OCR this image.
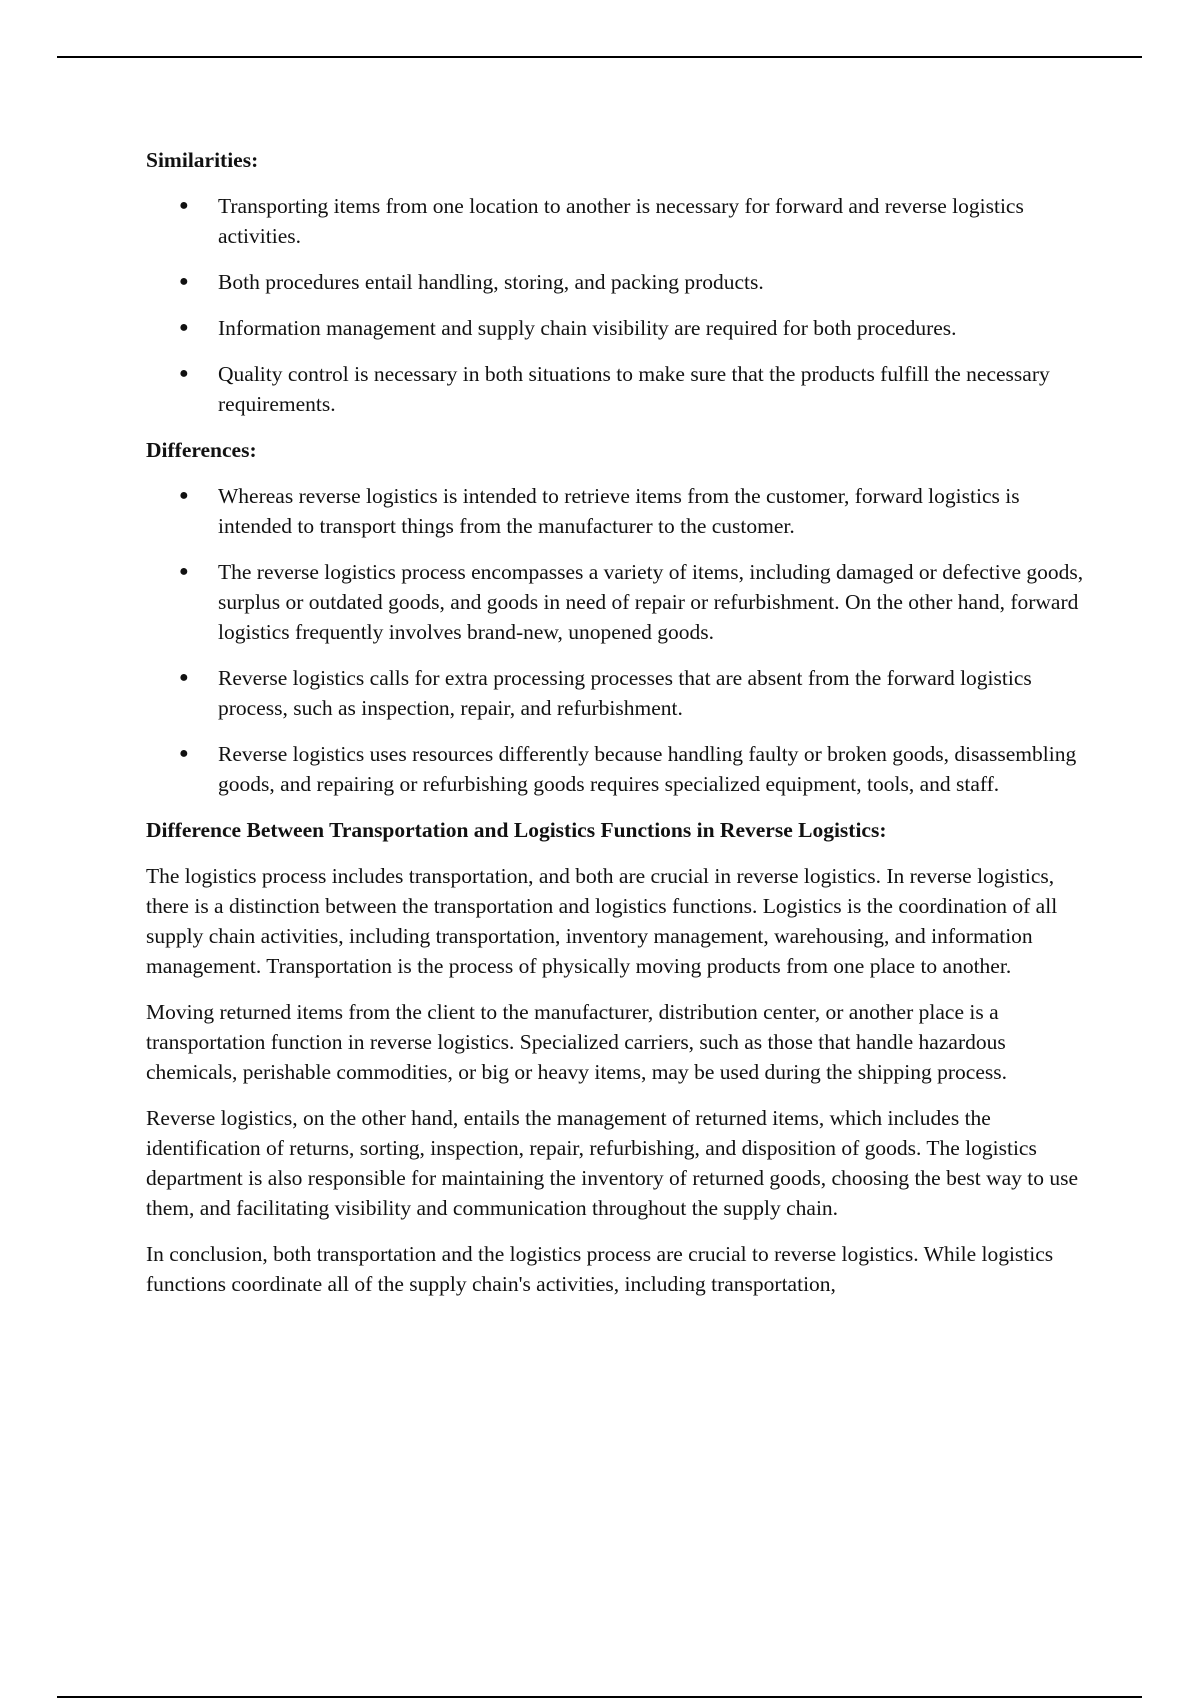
Similarities:
● Transporting items from one location to another is necessary for forward and reverse logistics activities.
● Both procedures entail handling, storing, and packing products.
● Information management and supply chain visibility are required for both procedures.
● Quality control is necessary in both situations to make sure that the products fulfill the necessary requirements.
Differences:
● Whereas reverse logistics is intended to retrieve items from the customer, forward logistics is intended to transport things from the manufacturer to the customer.
● The reverse logistics process encompasses a variety of items, including damaged or defective goods, surplus or outdated goods, and goods in need of repair or refurbishment. On the other hand, forward logistics frequently involves brand-new, unopened goods.
● Reverse logistics calls for extra processing processes that are absent from the forward logistics process, such as inspection, repair, and refurbishment.
● Reverse logistics uses resources differently because handling faulty or broken goods, disassembling goods, and repairing or refurbishing goods requires specialized equipment, tools, and staff.
Difference Between Transportation and Logistics Functions in Reverse Logistics:

The logistics process includes transportation, and both are crucial in reverse logistics. In reverse logistics, there is a distinction between the transportation and logistics functions. Logistics is the coordination of all supply chain activities, including transportation, inventory management, warehousing, and information management. Transportation is the process of physically moving products from one place to another.

Moving returned items from the client to the manufacturer, distribution center, or another place is a transportation function in reverse logistics. Specialized carriers, such as those that handle hazardous chemicals, perishable commodities, or big or heavy items, may be used during the shipping process.

Reverse logistics, on the other hand, entails the management of returned items, which includes the identification of returns, sorting, inspection, repair, refurbishing, and disposition of goods. The logistics department is also responsible for maintaining the inventory of returned goods, choosing the best way to use them, and facilitating visibility and communication throughout the supply chain.

In conclusion, both transportation and the logistics process are crucial to reverse logistics. While logistics functions coordinate all of the supply chain's activities, including transportation,
